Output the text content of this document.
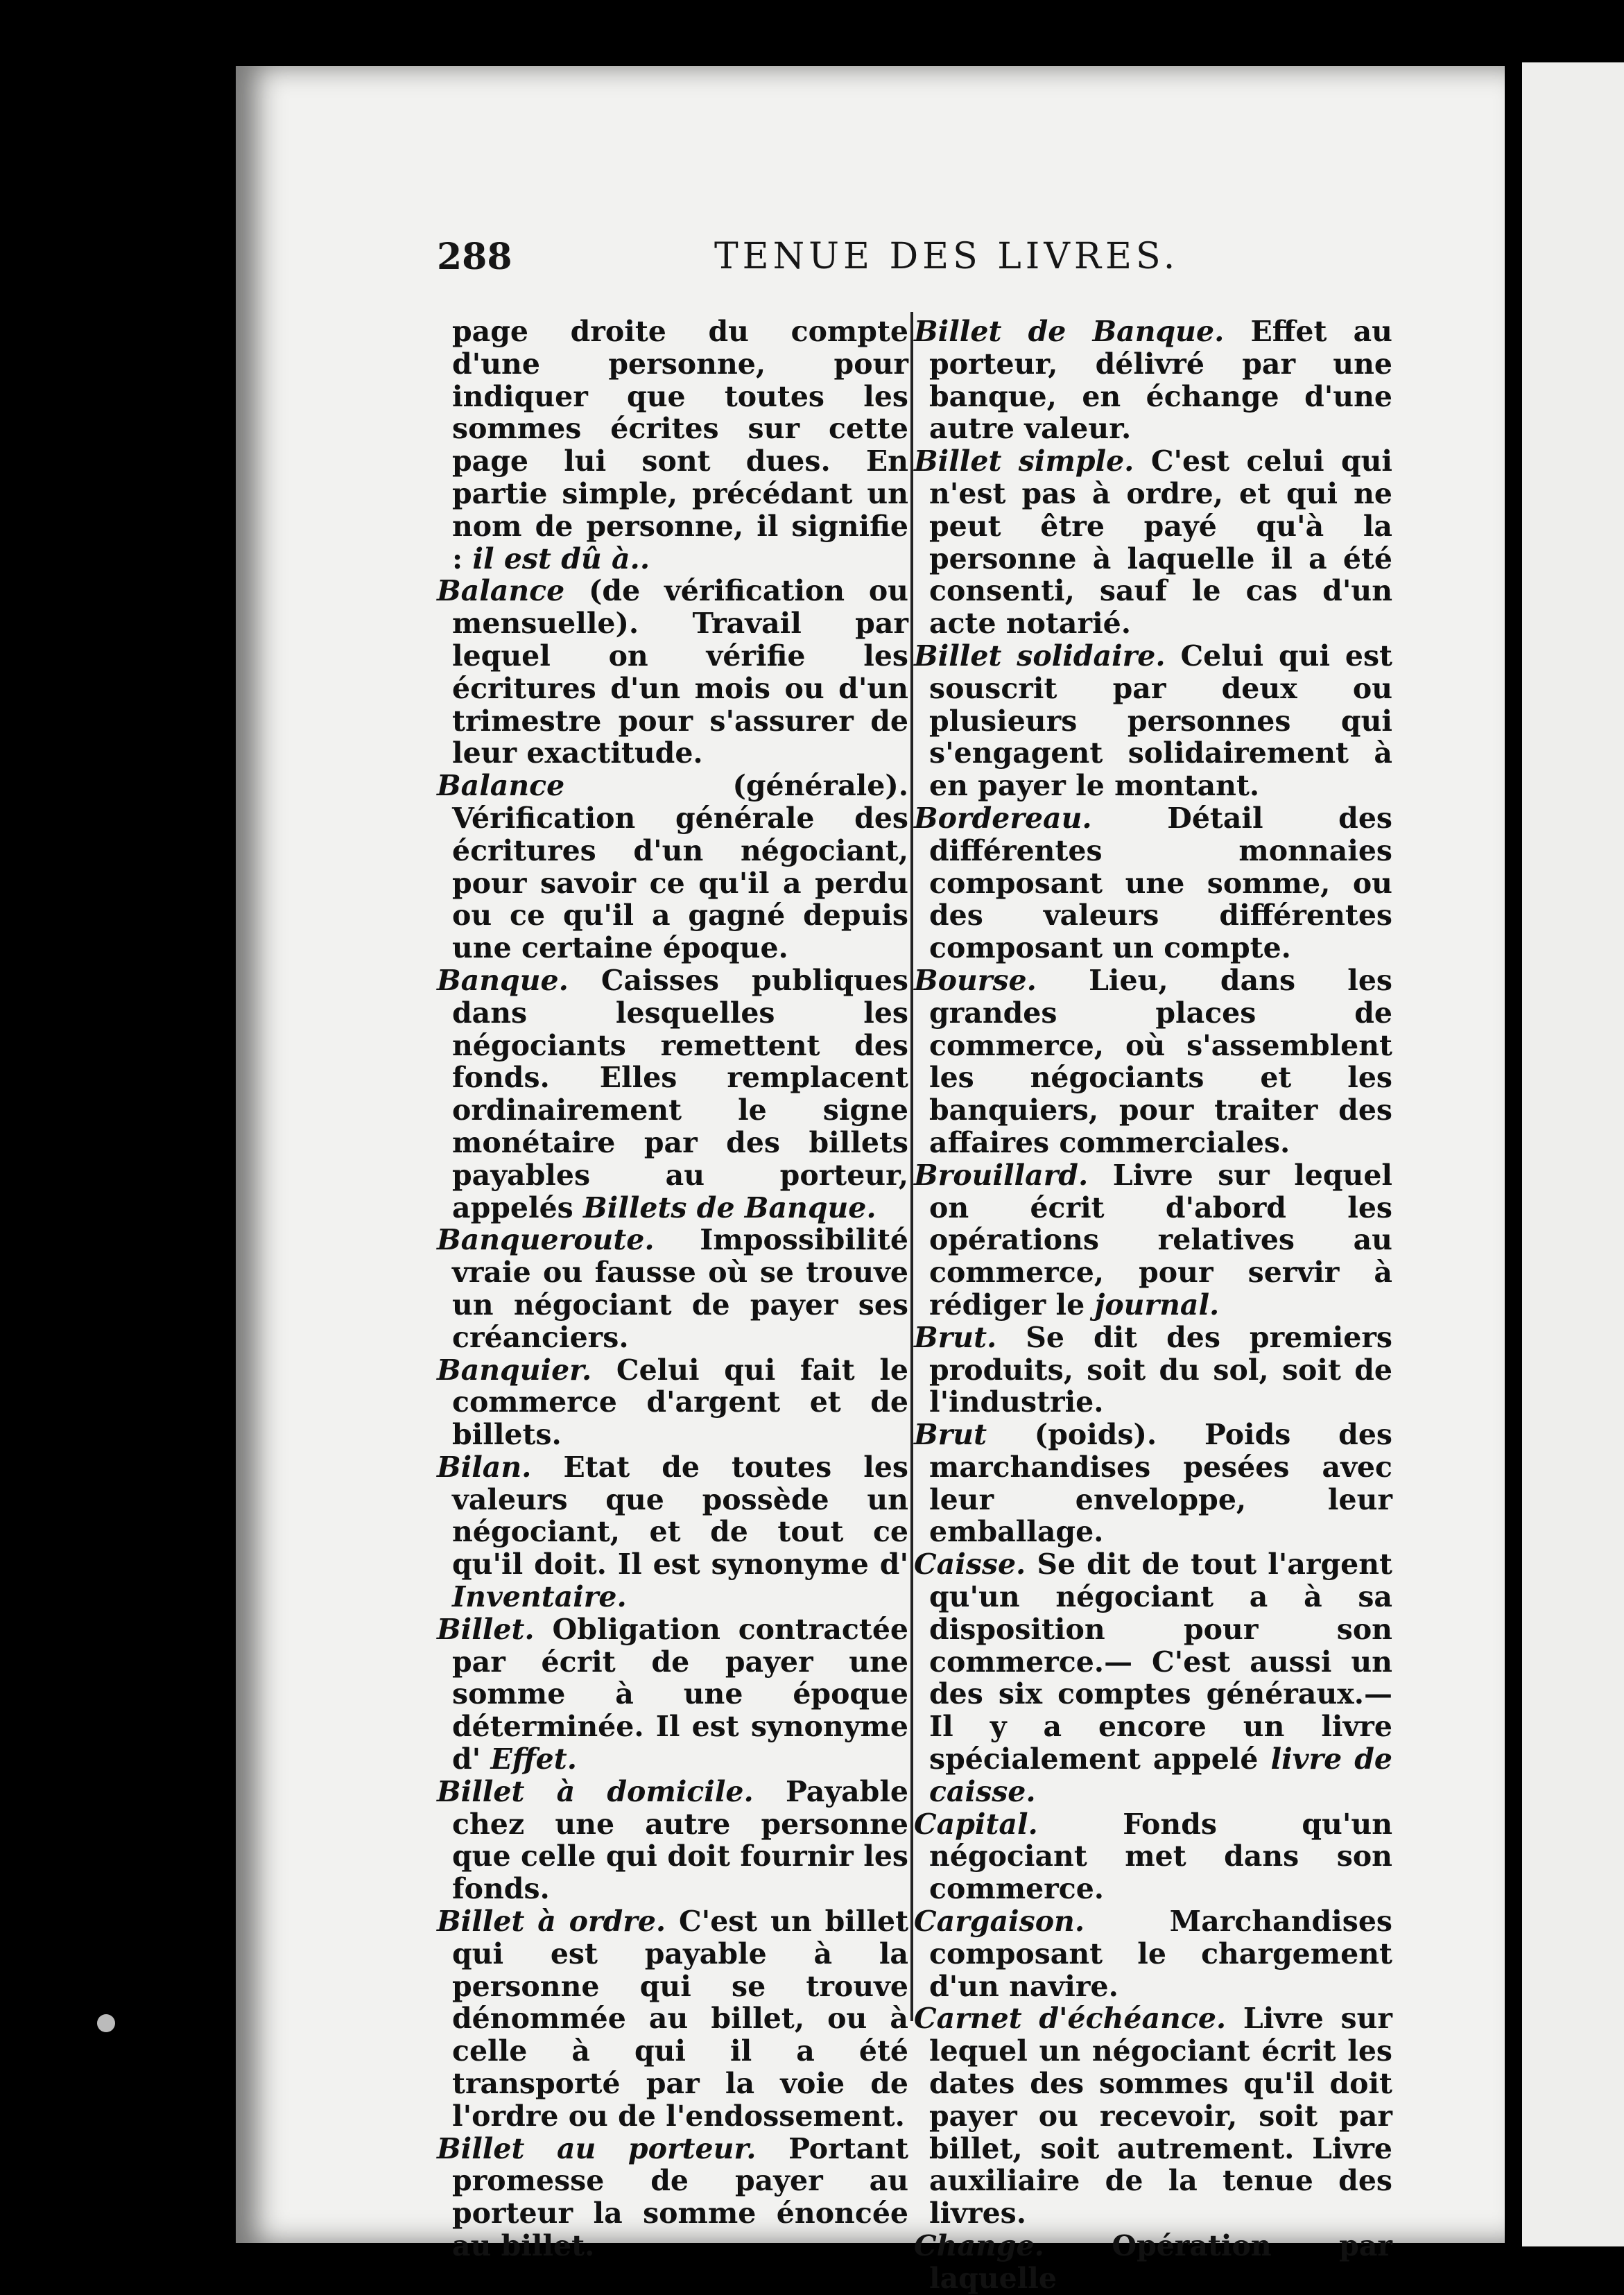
288	TENUE DES LIVRES.

page droite du compte d'une personne, pour indiquer que toutes les sommes écrites sur cette page lui sont dues. En partie simple, précédant un nom de personne, il signifie : il est dû à..

Balance (de vérification ou mensuelle). Travail par lequel on vérifie les écritures d'un mois ou d'un trimestre pour s'assurer de leur exactitude.

Balance (générale). Vérification générale des écritures d'un négociant, pour savoir ce qu'il a perdu ou ce qu'il a gagné depuis une certaine époque.

Banque. Caisses publiques dans lesquelles les négociants remettent des fonds. Elles remplacent ordinairement le signe monétaire par des billets payables au porteur, appelés Billets de Banque.

Banqueroute. Impossibilité vraie ou fausse où se trouve un négociant de payer ses créanciers.

Banquier. Celui qui fait le commerce d'argent et de billets.

Bilan. Etat de toutes les valeurs que possède un négociant, et de tout ce qu'il doit. Il est synonyme d' Inventaire.

Billet. Obligation contractée par écrit de payer une somme à une époque déterminée. Il est synonyme d' Effet.

Billet à domicile. Payable chez une autre personne que celle qui doit fournir les fonds.

Billet à ordre. C'est un billet qui est payable à la personne qui se trouve dénommée au billet, ou à celle à qui il a été transporté par la voie de l'ordre ou de l'endossement.

Billet au porteur. Portant promesse de payer au porteur la somme énoncée au billet.

Billet de Banque. Effet au porteur, délivré par une banque, en échange d'une autre valeur.

Billet simple. C'est celui qui n'est pas à ordre, et qui ne peut être payé qu'à la personne à laquelle il a été consenti, sauf le cas d'un acte notarié.

Billet solidaire. Celui qui est souscrit par deux ou plusieurs personnes qui s'engagent solidairement à en payer le montant.

Bordereau. Détail des différentes monnaies composant une somme, ou des valeurs différentes composant un compte.

Bourse. Lieu, dans les grandes places de commerce, où s'assemblent les négociants et les banquiers, pour traiter des affaires commerciales.

Brouillard. Livre sur lequel on écrit d'abord les opérations relatives au commerce, pour servir à rédiger le journal.

Brut. Se dit des premiers produits, soit du sol, soit de l'industrie.

Brut (poids). Poids des marchandises pesées avec leur enveloppe, leur emballage.

Caisse. Se dit de tout l'argent qu'un négociant a à sa disposition pour son commerce.— C'est aussi un des six comptes généraux.—Il y a encore un livre spécialement appelé livre de caisse.

Capital. Fonds qu'un négociant met dans son commerce.

Cargaison. Marchandises composant le chargement d'un navire.

Carnet d'échéance. Livre sur lequel un négociant écrit les dates des sommes qu'il doit payer ou recevoir, soit par billet, soit autrement. Livre auxiliaire de la tenue des livres.

Change. Opération par laquelle
